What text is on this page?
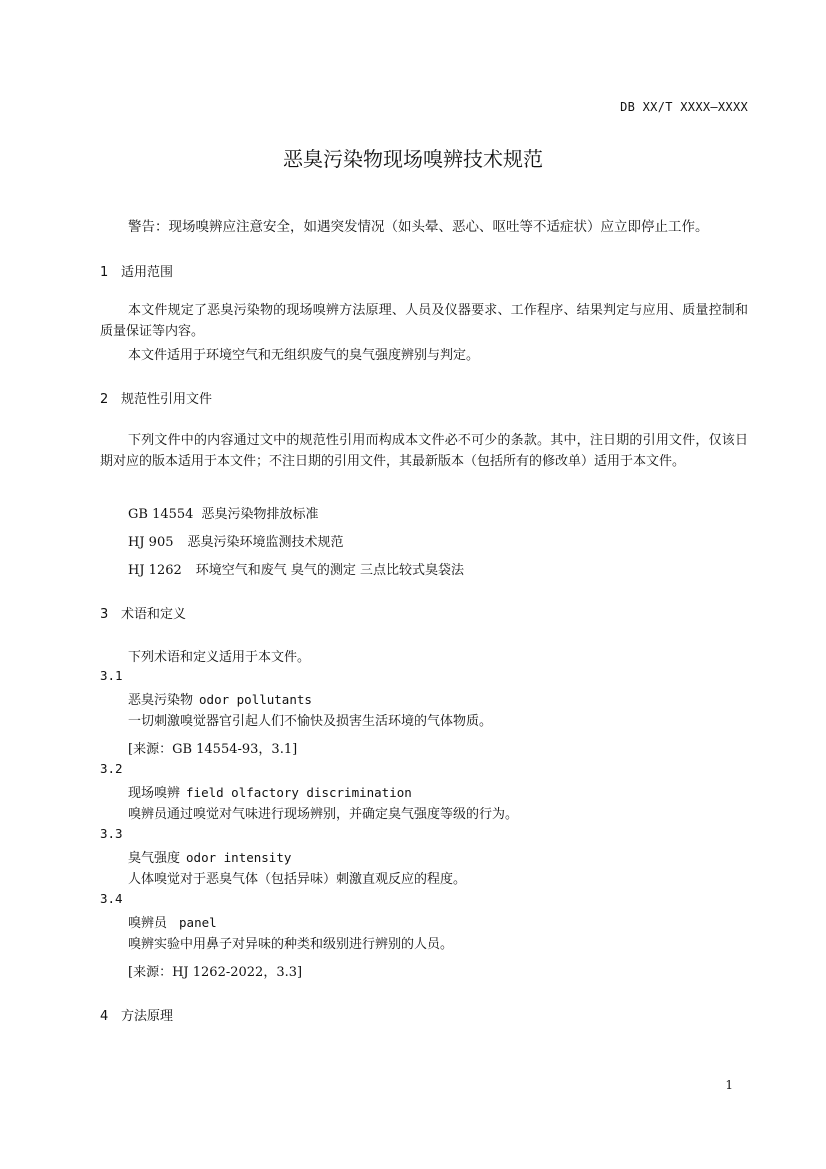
DB XX/T XXXX—XXXX
恶臭污染物现场嗅辨技术规范
警告：现场嗅辨应注意安全，如遇突发情况（如头晕、恶心、呕吐等不适症状）应立即停止工作。
1 适用范围
本文件规定了恶臭污染物的现场嗅辨方法原理、人员及仪器要求、工作程序、结果判定与应用、质量控制和质量保证等内容。
本文件适用于环境空气和无组织废气的臭气强度辨别与判定。
2 规范性引用文件
下列文件中的内容通过文中的规范性引用而构成本文件必不可少的条款。其中，注日期的引用文件，仅该日期对应的版本适用于本文件；不注日期的引用文件，其最新版本（包括所有的修改单）适用于本文件。
GB 14554 恶臭污染物排放标准
HJ 905 恶臭污染环境监测技术规范
HJ 1262 环境空气和废气 臭气的测定 三点比较式臭袋法
3 术语和定义
下列术语和定义适用于本文件。
3.1
恶臭污染物 odor pollutants
一切刺激嗅觉器官引起人们不愉快及损害生活环境的气体物质。
[来源：GB 14554-93，3.1]
3.2
现场嗅辨 field olfactory discrimination
嗅辨员通过嗅觉对气味进行现场辨别，并确定臭气强度等级的行为。
3.3
臭气强度 odor intensity
人体嗅觉对于恶臭气体（包括异味）刺激直观反应的程度。
3.4
嗅辨员 panel
嗅辨实验中用鼻子对异味的种类和级别进行辨别的人员。
[来源：HJ 1262-2022，3.3]
4 方法原理
1
